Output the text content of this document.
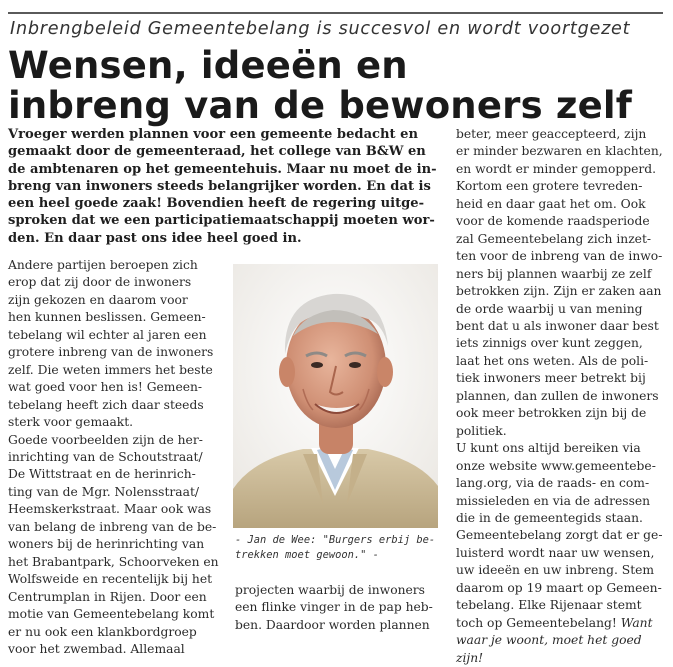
Inbrengbeleid Gemeentebelang is succesvol en wordt voortgezet
Wensen, ideeën en
inbreng van de bewoners zelf
Vroeger werden plannen voor een gemeente bedacht en
gemaakt door de gemeenteraad, het college van B&W en
de ambtenaren op het gemeentehuis. Maar nu moet de in-
breng van inwoners steeds belangrijker worden. En dat is
een heel goede zaak! Bovendien heeft de regering uitge-
sproken dat we een participatiemaatschappij moeten wor-
den. En daar past ons idee heel goed in.
Andere partijen beroepen zich
erop dat zij door de inwoners
zijn gekozen en daarom voor
hen kunnen beslissen. Gemeen-
tebelang wil echter al jaren een
grotere inbreng van de inwoners
zelf. Die weten immers het beste
wat goed voor hen is! Gemeen-
tebelang heeft zich daar steeds
sterk voor gemaakt.
Goede voorbeelden zijn de her-
inrichting van de Schoutstraat/
De Wittstraat en de herinrich-
ting van de Mgr. Nolensstraat/
Heemskerkstraat. Maar ook was
van belang de inbreng van de be-
woners bij de herinrichting van
het Brabantpark, Schoorveken en
Wolfsweide en recentelijk bij het
Centrumplan in Rijen. Door een
motie van Gemeentebelang komt
er nu ook een klankbordgroep
voor het zwembad. Allemaal
- Jan de Wee: "Burgers erbij be-
trekken moet gewoon." -
projecten waarbij de inwoners
een flinke vinger in de pap heb-
ben. Daardoor worden plannen
beter, meer geaccepteerd, zijn
er minder bezwaren en klachten,
en wordt er minder gemopperd.
Kortom een grotere tevreden-
heid en daar gaat het om. Ook
voor de komende raadsperiode
zal Gemeentebelang zich inzet-
ten voor de inbreng van de inwo-
ners bij plannen waarbij ze zelf
betrokken zijn. Zijn er zaken aan
de orde waarbij u van mening
bent dat u als inwoner daar best
iets zinnigs over kunt zeggen,
laat het ons weten. Als de poli-
tiek inwoners meer betrekt bij
plannen, dan zullen de inwoners
ook meer betrokken zijn bij de
politiek.
U kunt ons altijd bereiken via
onze website www.gemeentebe-
lang.org, via de raads- en com-
missieleden en via de adressen
die in de gemeentegids staan.
Gemeentebelang zorgt dat er ge-
luisterd wordt naar uw wensen,
uw ideeën en uw inbreng. Stem
daarom op 19 maart op Gemeen-
tebelang. Elke Rijenaar stemt
toch op Gemeentebelang! Want
waar je woont, moet het goed
zijn!
